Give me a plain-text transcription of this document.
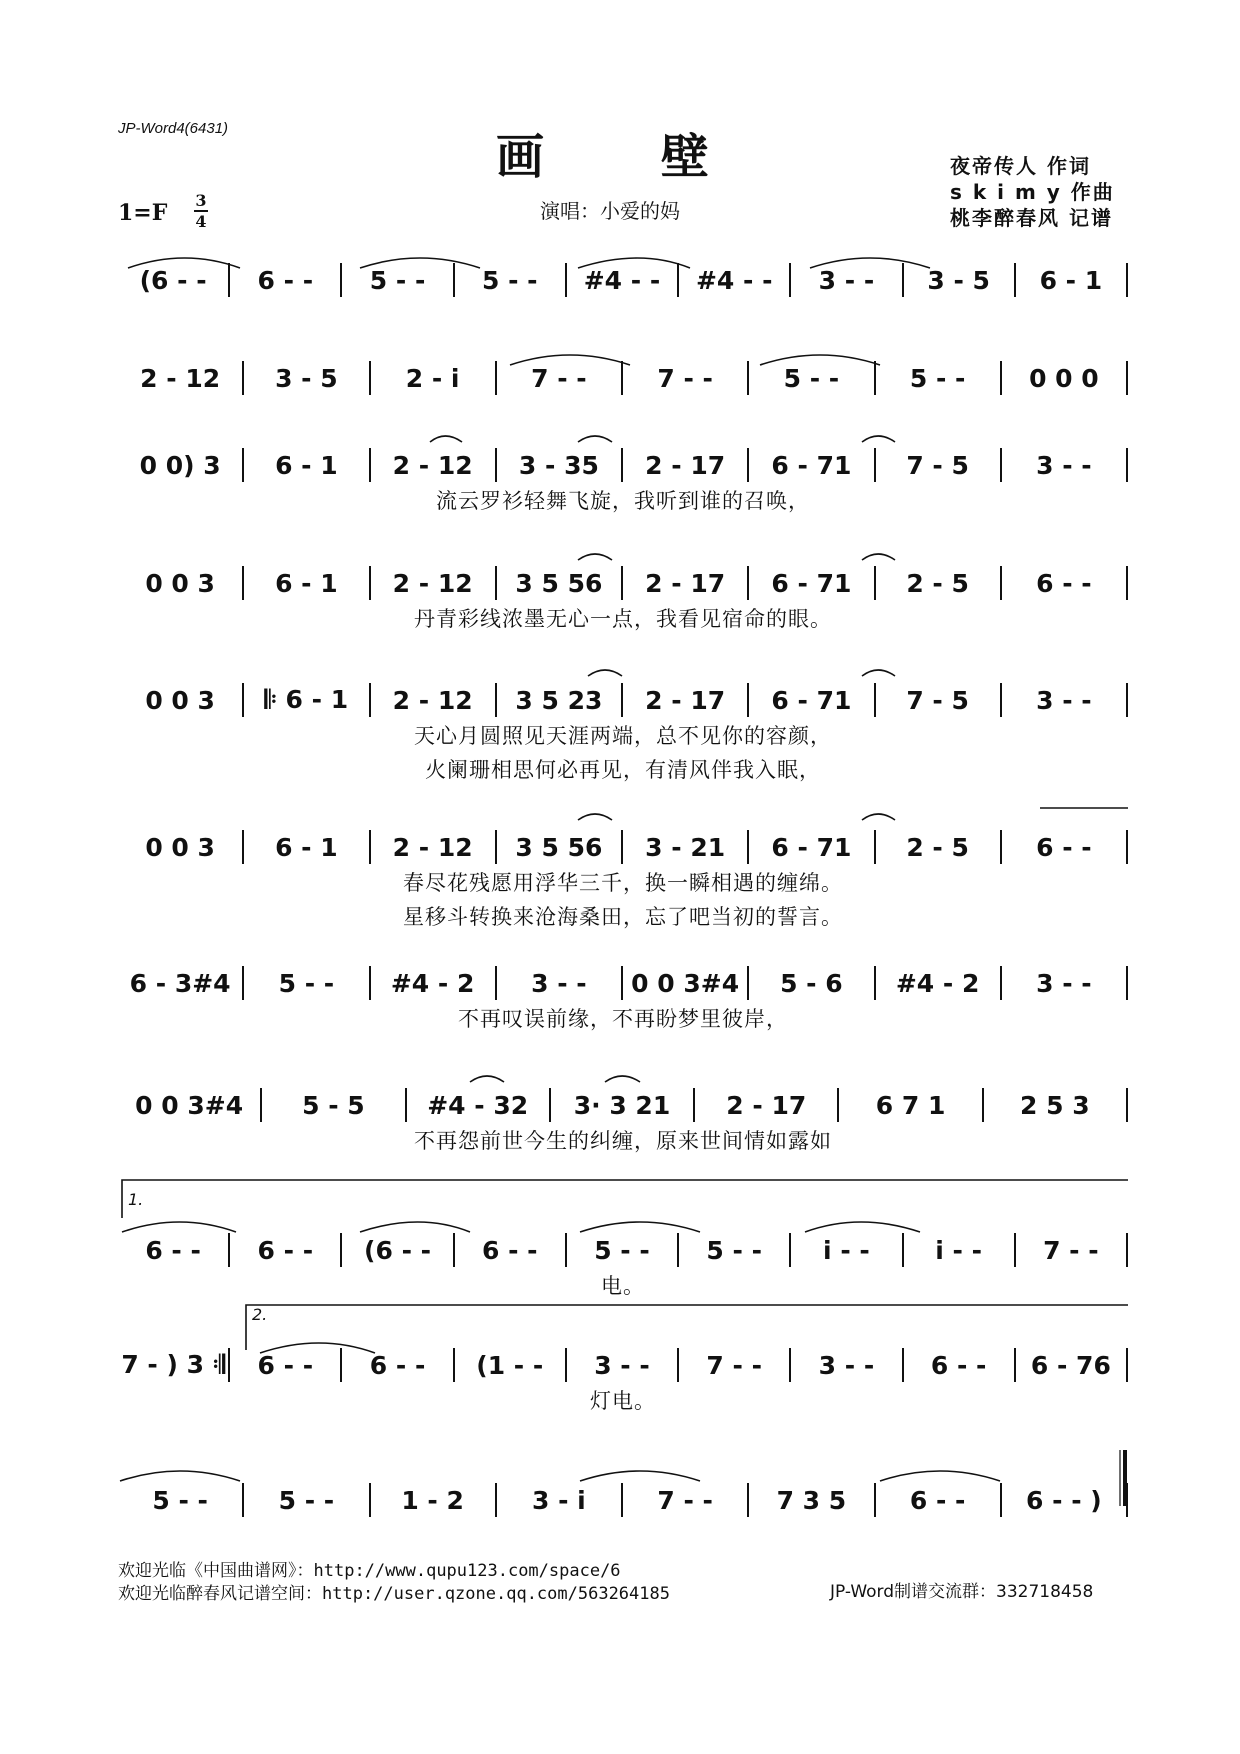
JP-Word4(6431)
画 壁	夜帝传人 作词
s k i m y 作曲
桃李醉春风 记谱
1=F 3
4	演唱：小爱的妈
(6 - -	6 - -	5 - -	5 - -	#4 - -	#4 - -	3 - -	3 - 5	6 - 1
2 - 12	3 - 5	2 - i	7 - -	7 - -	5 - -	5 - -	0 0 0
0 0) 3	6 - 1	2 - 12	3 - 35	2 - 17	6 - 71	7 - 5	3 - -
流云罗衫轻舞飞旋，我听到谁的召唤，
0 0 3	6 - 1	2 - 12	3 5 56	2 - 17	6 - 71	2 - 5	6 - -
丹青彩线浓墨无心一点，我看见宿命的眼。
0 0 3	𝄆 6 - 1	2 - 12	3 5 23	2 - 17	6 - 71	7 - 5	3 - -
天心月圆照见天涯两端，总不见你的容颜，
火阑珊相思何必再见，有清风伴我入眠，
0 0 3	6 - 1	2 - 12	3 5 56	3 - 21	6 - 71	2 - 5	6 - -
春尽花残愿用浮华三千，换一瞬相遇的缠绵。
星移斗转换来沧海桑田，忘了吧当初的誓言。
6 - 3#4	5 - -	#4 - 2	3 - -	0 0 3#4	5 - 6	#4 - 2	3 - -
不再叹误前缘，不再盼梦里彼岸，
0 0 3#4	5 - 5	#4 - 32	3· 3 21	2 - 17	6 7 1	2 5 3
不再怨前世今生的纠缠，原来世间情如露如
6 - -	6 - -	(6 - -	6 - -	5 - -	5 - -	i - -	i - -	7 - -
电。
1.
7 - ) 3 𝄇	6 - -	6 - -	(1 - -	3 - -	7 - -	3 - -	6 - -	6 - 76
灯电。
2.
5 - -	5 - -	1 - 2	3 - i	7 - -	7 3 5	6 - -	6 - - )
欢迎光临《中国曲谱网》：http://www.qupu123.com/space/6
欢迎光临醉春风记谱空间：http://user.qzone.qq.com/563264185	JP-Word制谱交流群：332718458
